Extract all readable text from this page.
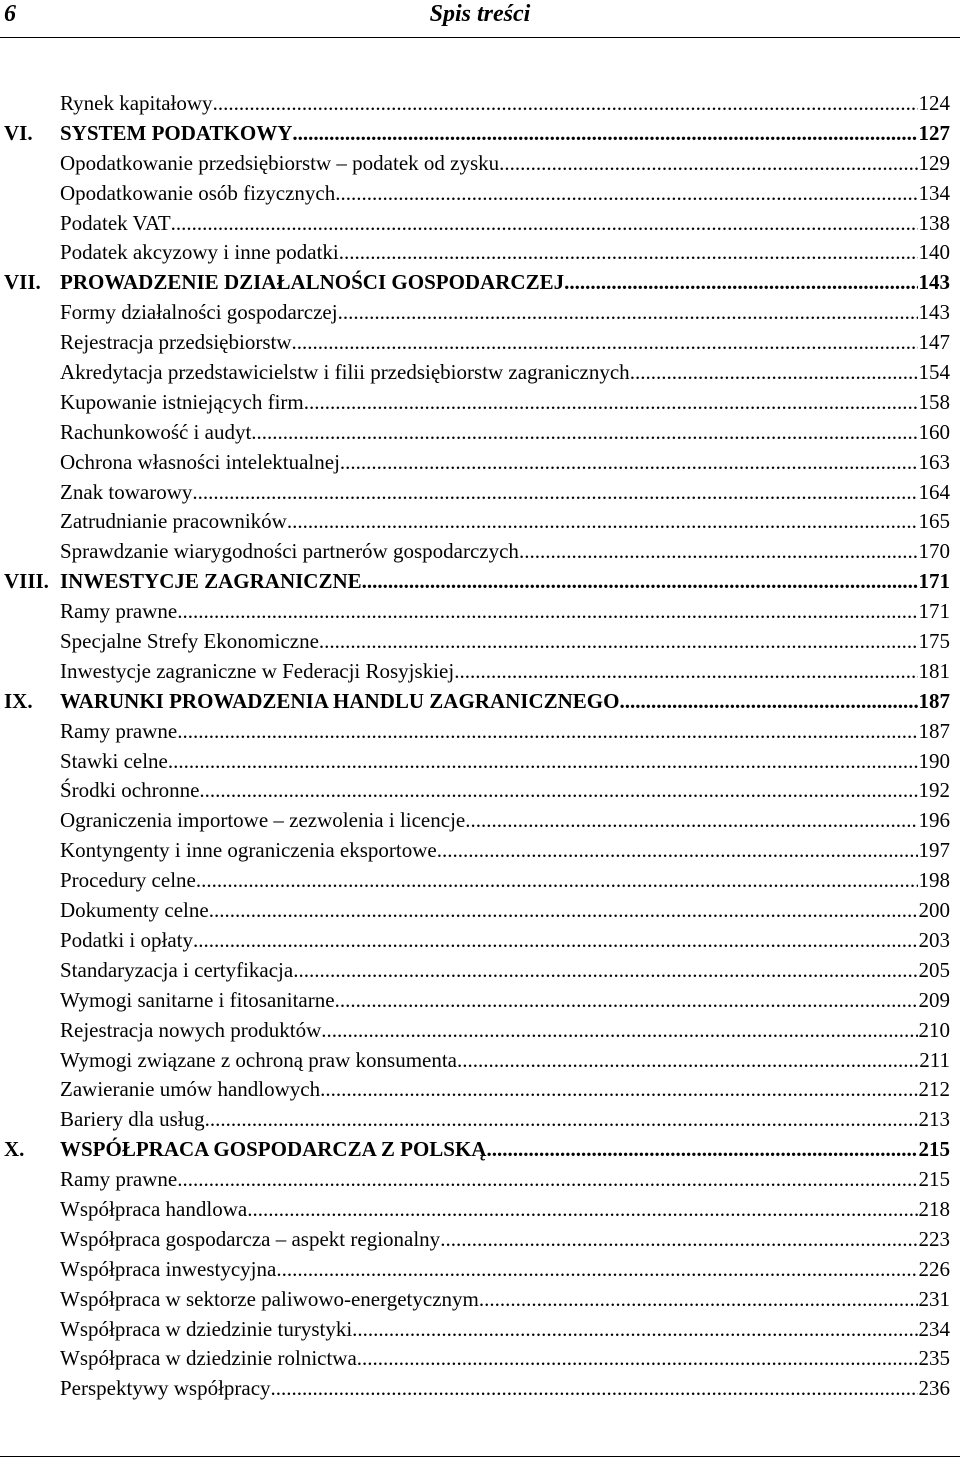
6	Spis treści
Rynek kapitałowy .....	124
VI. SYSTEM PODATKOWY .....	127
Opodatkowanie przedsiębiorstw – podatek od zysku .....	129
Opodatkowanie osób fizycznych .....	134
Podatek VAT .....	138
Podatek akcyzowy i inne podatki .....	140
VII. PROWADZENIE DZIAŁALNOŚCI GOSPODARCZEJ .....	143
Formy działalności gospodarczej .....	143
Rejestracja przedsiębiorstw .....	147
Akredytacja przedstawicielstw i filii przedsiębiorstw zagranicznych .....	154
Kupowanie istniejących firm .....	158
Rachunkowość i audyt .....	160
Ochrona własności intelektualnej .....	163
Znak towarowy .....	164
Zatrudnianie pracowników .....	165
Sprawdzanie wiarygodności partnerów gospodarczych .....	170
VIII. INWESTYCJE ZAGRANICZNE .....	171
Ramy prawne .....	171
Specjalne Strefy Ekonomiczne .....	175
Inwestycje zagraniczne w Federacji Rosyjskiej .....	181
IX. WARUNKI PROWADZENIA HANDLU ZAGRANICZNEGO .....	187
Ramy prawne .....	187
Stawki celne .....	190
Środki ochronne .....	192
Ograniczenia importowe – zezwolenia i licencje .....	196
Kontyngenty i inne ograniczenia eksportowe .....	197
Procedury celne .....	198
Dokumenty celne .....	200
Podatki i opłaty .....	203
Standaryzacja i certyfikacja .....	205
Wymogi sanitarne i fitosanitarne .....	209
Rejestracja nowych produktów .....	210
Wymogi związane z ochroną praw konsumenta .....	211
Zawieranie umów handlowych .....	212
Bariery dla usług .....	213
X. WSPÓŁPRACA GOSPODARCZA Z POLSKĄ .....	215
Ramy prawne .....	215
Współpraca handlowa .....	218
Współpraca gospodarcza – aspekt regionalny .....	223
Współpraca inwestycyjna .....	226
Współpraca w sektorze paliwowo-energetycznym .....	231
Współpraca w dziedzinie turystyki .....	234
Współpraca w dziedzinie rolnictwa .....	235
Perspektywy współpracy .....	236
